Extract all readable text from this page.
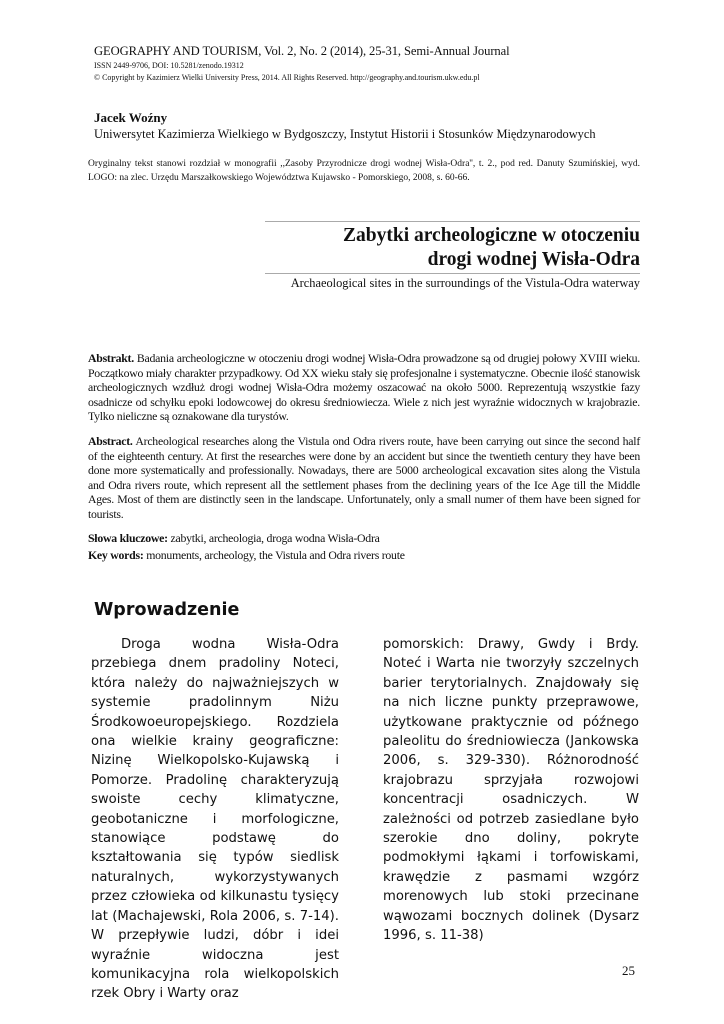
GEOGRAPHY AND TOURISM, Vol. 2, No. 2 (2014), 25-31, Semi-Annual Journal
ISSN 2449-9706, DOI: 10.5281/zenodo.19312
© Copyright by Kazimierz Wielki University Press, 2014. All Rights Reserved. http://geography.and.tourism.ukw.edu.pl
Jacek Woźny
Uniwersytet Kazimierza Wielkiego w Bydgoszczy, Instytut Historii i Stosunków Międzynarodowych
Oryginalny tekst stanowi rozdział w monografii ,,Zasoby Przyrodnicze drogi wodnej Wisła-Odra'', t. 2., pod red. Danuty Szumińskiej, wyd. LOGO: na zlec. Urzędu Marszałkowskiego Województwa Kujawsko - Pomorskiego, 2008, s. 60-66.
Zabytki archeologiczne w otoczeniu
drogi wodnej Wisła-Odra
Archaeological sites in the surroundings of the Vistula-Odra waterway
Abstrakt. Badania archeologiczne w otoczeniu drogi wodnej Wisła-Odra prowadzone są od drugiej połowy XVIII wieku. Początkowo miały charakter przypadkowy. Od XX wieku stały się profesjonalne i systematyczne. Obecnie ilość stanowisk archeologicznych wzdłuż drogi wodnej Wisła-Odra możemy oszacować na około 5000. Reprezentują wszystkie fazy osadnicze od schyłku epoki lodowcowej do okresu średniowiecza. Wiele z nich jest wyraźnie widocznych w krajobrazie. Tylko nieliczne są oznakowane dla turystów.
Abstract. Archeological researches along the Vistula ond Odra rivers route, have been carrying out since the second half of the eighteenth century. At first the researches were done by an accident but since the twentieth century they have been done more systematically and professionally. Nowadays, there are 5000 archeological excavation sites along the Vistula and Odra rivers route, which represent all the settlement phases from the declining years of the Ice Age till the Middle Ages. Most of them are distinctly seen in the landscape. Unfortunately, only a small numer of them have been signed for tourists.
Słowa kluczowe: zabytki, archeologia, droga wodna Wisła-Odra
Key words: monuments, archeology, the Vistula and Odra rivers route
Wprowadzenie
Droga wodna Wisła-Odra przebiega dnem pradoliny Noteci, która należy do najważniejszych w systemie pradolinnym Niżu Środkowoeuropejskiego. Rozdziela ona wielkie krainy geograficzne: Nizinę Wielkopolsko-Kujawską i Pomorze. Pradolinę charakteryzują swoiste cechy klimatyczne, geobotaniczne i morfologiczne, stanowiące podstawę do kształtowania się typów siedlisk naturalnych, wykorzystywanych przez człowieka od kilkunastu tysięcy lat (Machajewski, Rola 2006, s. 7-14). W przepływie ludzi, dóbr i idei wyraźnie widoczna jest komunikacyjna rola wielkopolskich rzek Obry i Warty oraz
pomorskich: Drawy, Gwdy i Brdy. Noteć i Warta nie tworzyły szczelnych barier terytorialnych. Znajdowały się na nich liczne punkty przeprawowe, użytkowane praktycznie od późnego paleolitu do średniowiecza (Jankowska 2006, s. 329-330). Różnorodność krajobrazu sprzyjała rozwojowi koncentracji osadniczych. W zależności od potrzeb zasiedlane było szerokie dno doliny, pokryte podmokłymi łąkami i torfowiskami, krawędzie z pasmami wzgórz morenowych lub stoki przecinane wąwozami bocznych dolinek (Dysarz 1996, s. 11-38)
25
